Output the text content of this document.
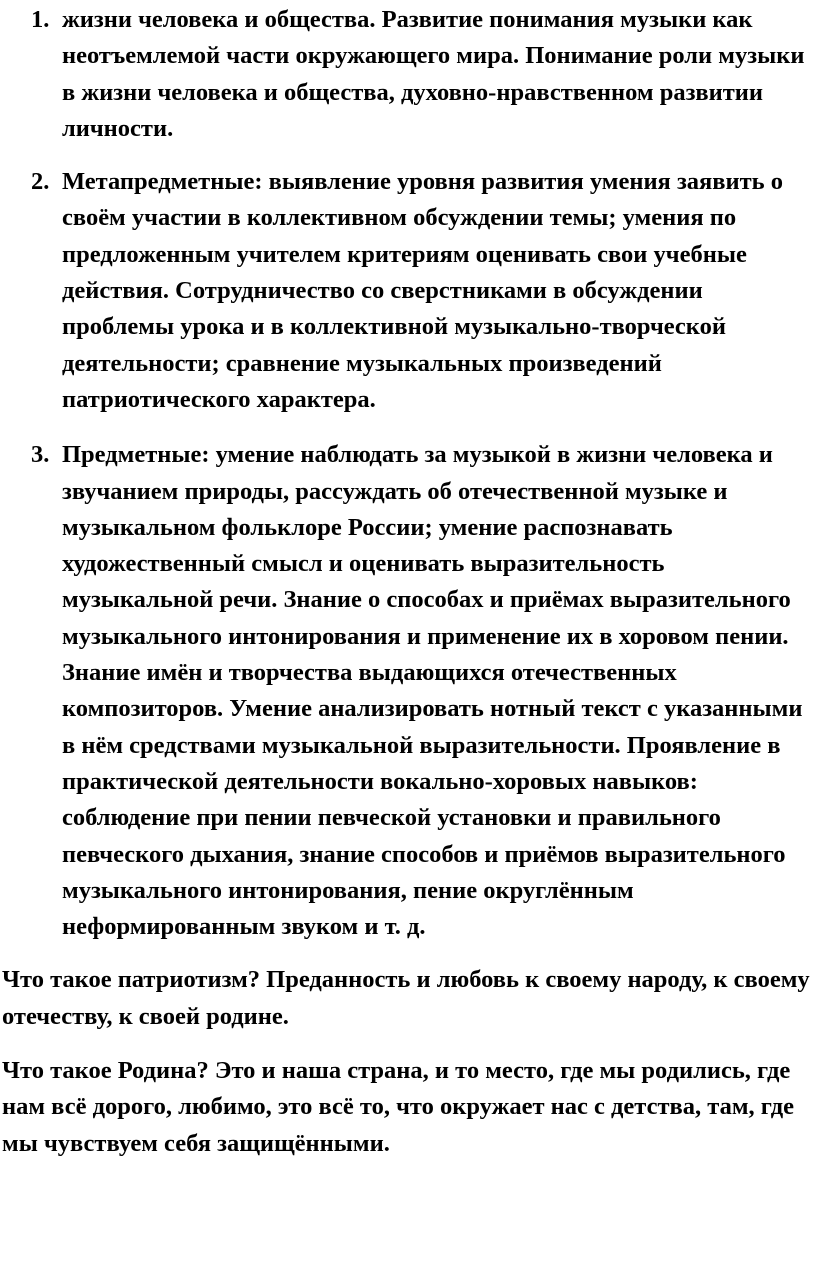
1. жизни человека и общества. Развитие понимания музыки как неотъемлемой части окружающего мира. Понимание роли музыки в жизни человека и общества, духовно-нравственном развитии личности.
2. Метапредметные: выявление уровня развития умения заявить о своём участии в коллективном обсуждении темы; умения по предложенным учителем критериям оценивать свои учебные действия. Сотрудничество со сверстниками в обсуждении проблемы урока и в коллективной музыкально-творческой деятельности; сравнение музыкальных произведений патриотического характера.
3. Предметные: умение наблюдать за музыкой в жизни человека и звучанием природы, рассуждать об отечественной музыке и музыкальном фольклоре России; умение распознавать художественный смысл и оценивать выразительность музыкальной речи. Знание о способах и приёмах выразительного музыкального интонирования и применение их в хоровом пении. Знание имён и творчества выдающихся отечественных композиторов. Умение анализировать нотный текст с указанными в нём средствами музыкальной выразительности. Проявление в практической деятельности вокально-хоровых навыков: соблюдение при пении певческой установки и правильного певческого дыхания, знание способов и приёмов выразительного музыкального интонирования, пение округлённым неформированным звуком и т. д.

Что такое патриотизм? Преданность и любовь к своему народу, к своему отечеству, к своей родине.

Что такое Родина? Это и наша страна, и то место, где мы родились, где нам всё дорого, любимо, это всё то, что окружает нас с детства, там, где мы чувствуем себя защищёнными.
